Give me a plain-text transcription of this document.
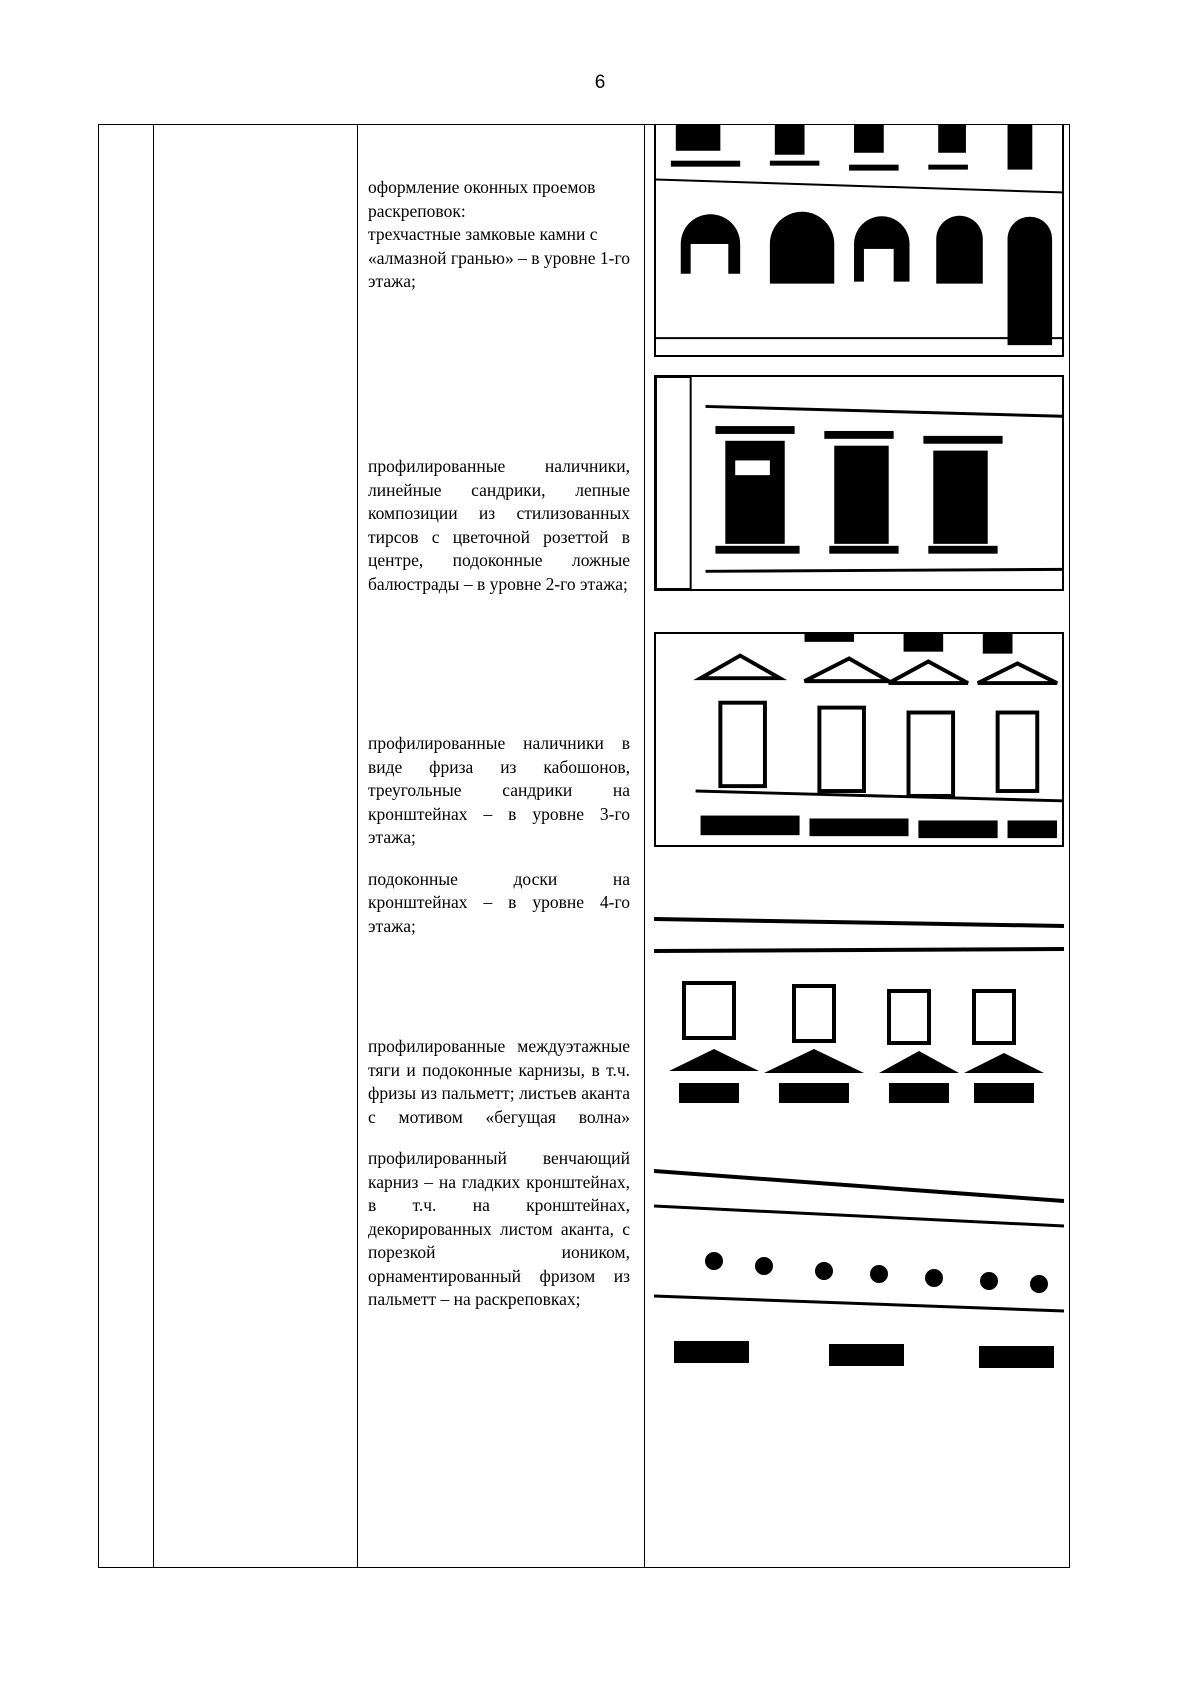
6

оформление оконных проемов раскреповок:

трехчастные замковые камни с «алмазной гранью» – в уровне 1-го этажа;

профилированные наличники, линейные сандрики, лепные композиции из стилизованных тирсов с цветочной розеттой в центре, подоконные ложные балюстрады – в уровне 2-го этажа;

профилированные наличники в виде фриза из кабошонов, треугольные сандрики на кронштейнах – в уровне 3-го этажа;

подоконные доски на кронштейнах – в уровне 4-го этажа;

профилированные междуэтажные тяги и подоконные карнизы, в т.ч. фризы из пальметт; листьев аканта с мотивом «бегущая волна»

профилированный венчающий карниз – на гладких кронштейнах, в т.ч. на кронштейнах, декорированных листом аканта, с порезкой иоником, орнаментированный фризом из пальметт – на раскреповках;
